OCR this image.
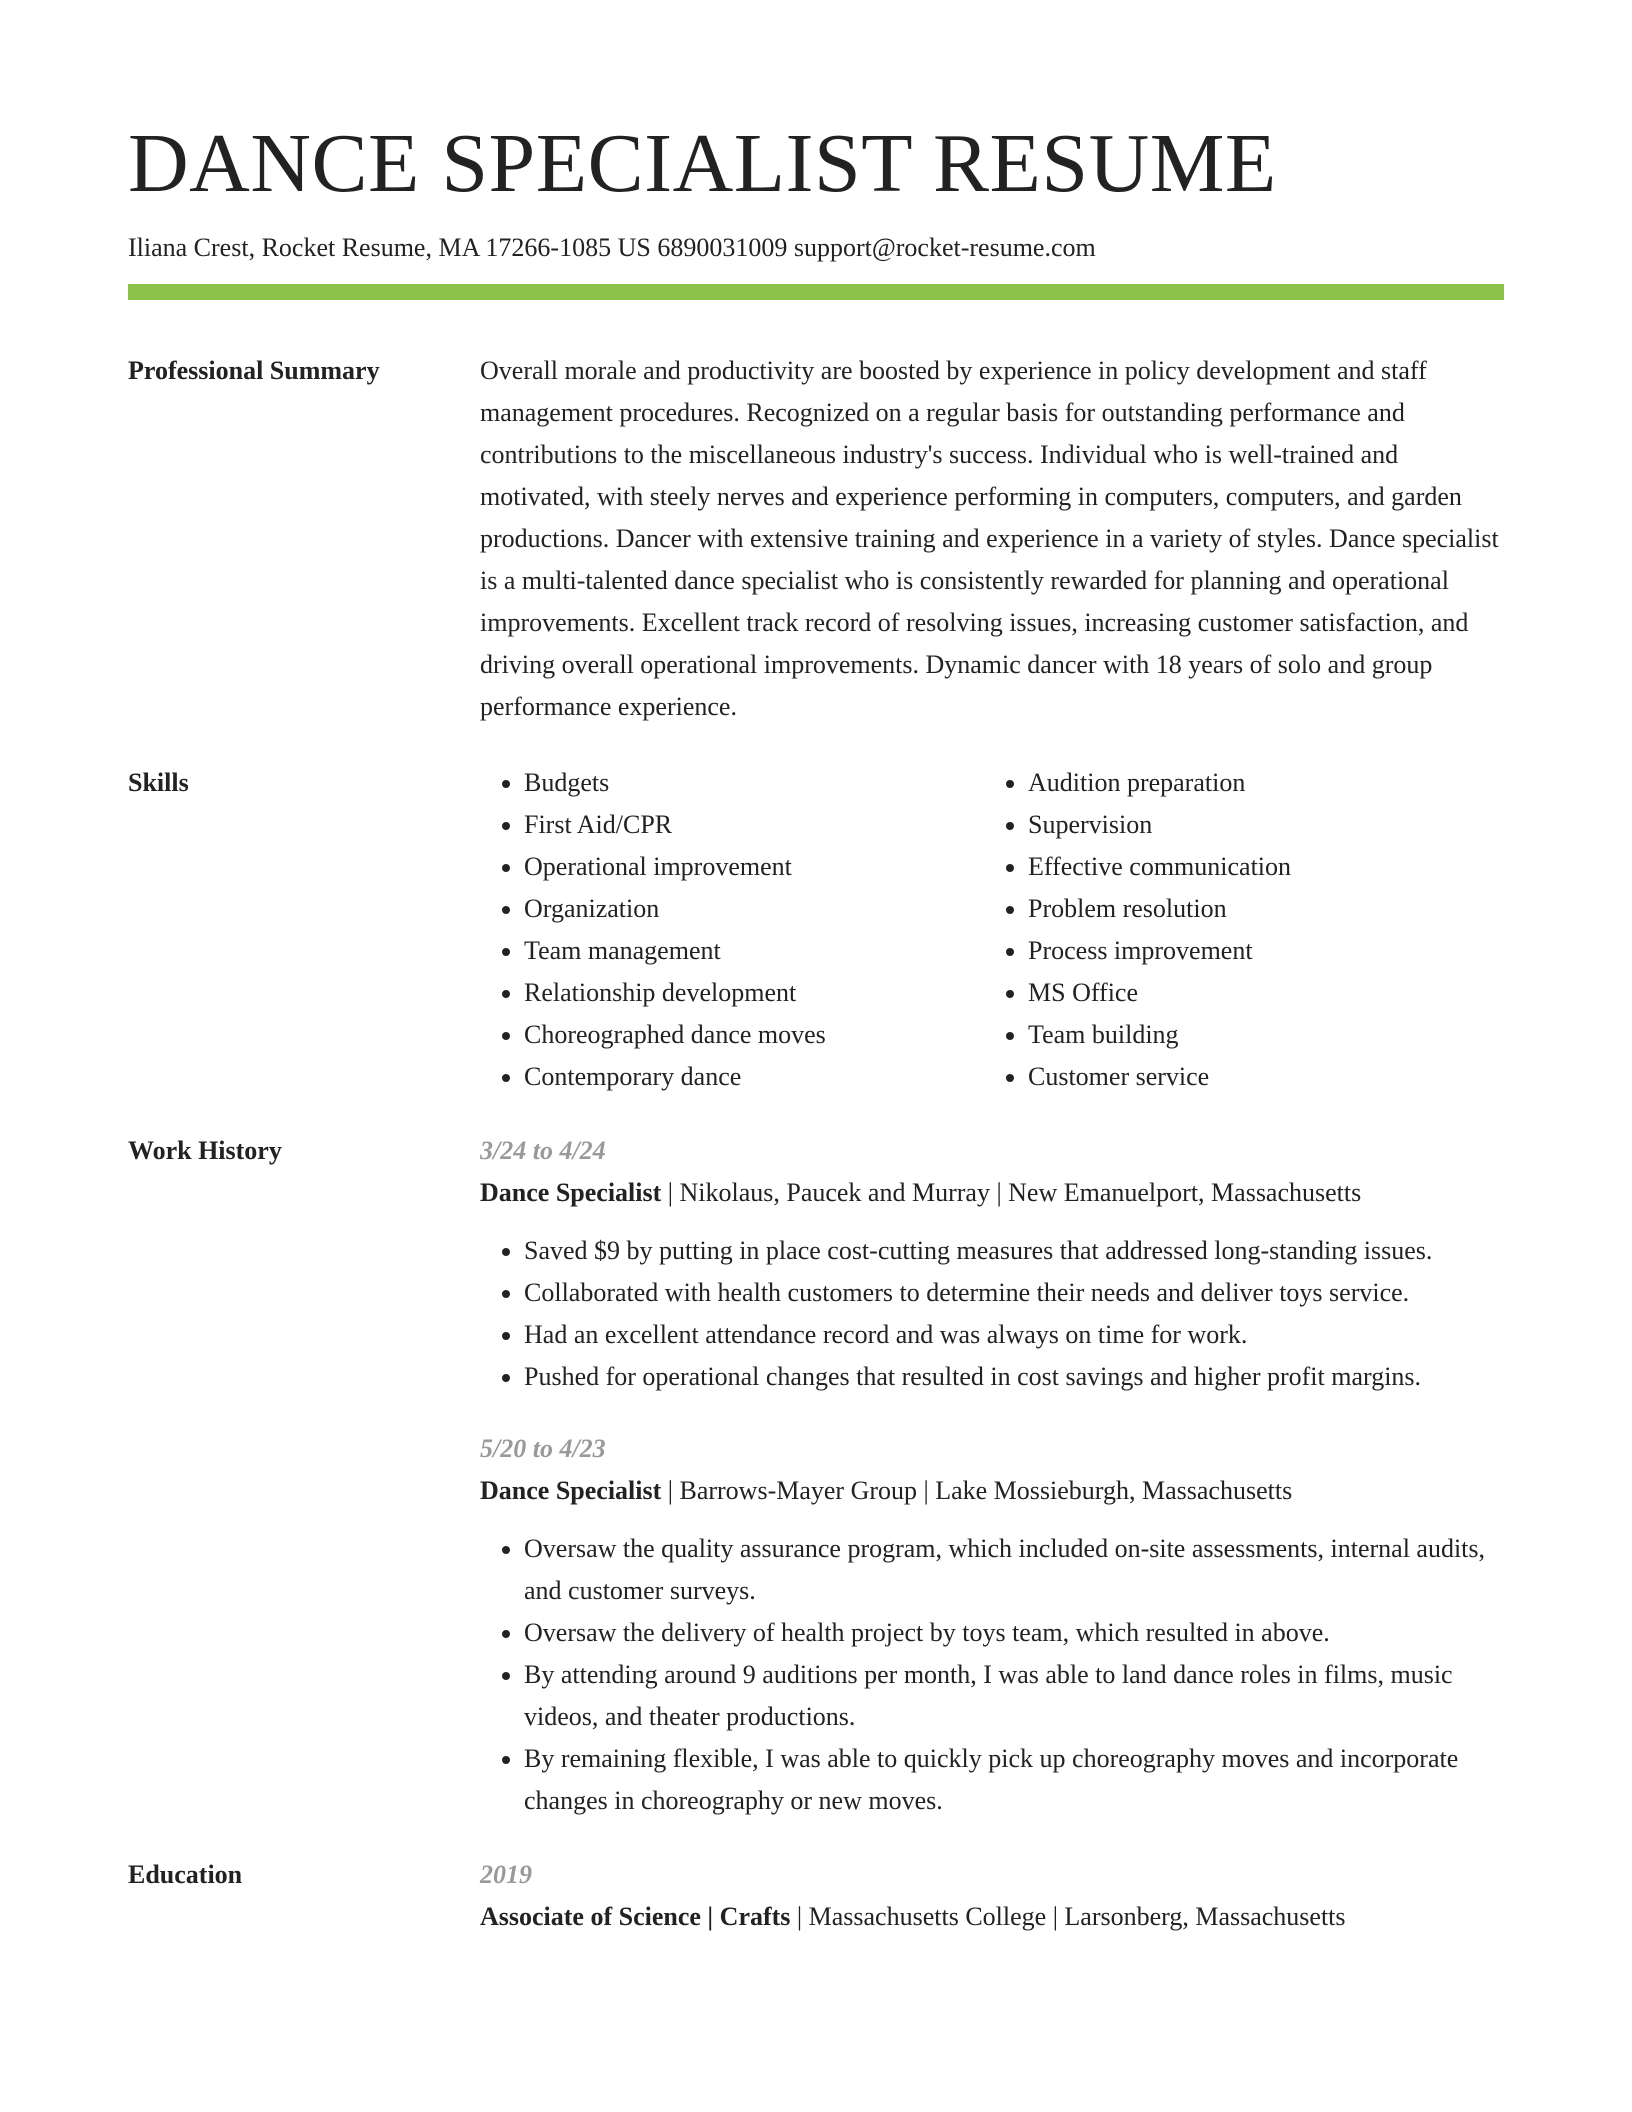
DANCE SPECIALIST RESUME
Iliana Crest, Rocket Resume, MA 17266-1085 US 6890031009 support@rocket-resume.com
Professional Summary	Overall morale and productivity are boosted by experience in policy development and staff management procedures. Recognized on a regular basis for outstanding performance and contributions to the miscellaneous industry's success. Individual who is well-trained and motivated, with steely nerves and experience performing in computers, computers, and garden productions. Dancer with extensive training and experience in a variety of styles. Dance specialist is a multi-talented dance specialist who is consistently rewarded for planning and operational improvements. Excellent track record of resolving issues, increasing customer satisfaction, and driving overall operational improvements. Dynamic dancer with 18 years of solo and group performance experience.
Skills
•	Budgets
• First Aid/CPR
• Operational improvement
• Organization
• Team management
• Relationship development
• Choreographed dance moves
• Contemporary dance
• Audition preparation
• Supervision
• Effective communication
• Problem resolution
• Process improvement
• MS Office
• Team building
• Customer service
Work History	3/24 to 4/24
Dance Specialist | Nikolaus, Paucek and Murray | New Emanuelport, Massachusetts
• Saved $9 by putting in place cost-cutting measures that addressed long-standing issues.
• Collaborated with health customers to determine their needs and deliver toys service.
• Had an excellent attendance record and was always on time for work.
• Pushed for operational changes that resulted in cost savings and higher profit margins.
5/20 to 4/23
Dance Specialist | Barrows-Mayer Group | Lake Mossieburgh, Massachusetts
• Oversaw the quality assurance program, which included on-site assessments, internal audits, and customer surveys.
• Oversaw the delivery of health project by toys team, which resulted in above.
• By attending around 9 auditions per month, I was able to land dance roles in films, music videos, and theater productions.
• By remaining flexible, I was able to quickly pick up choreography moves and incorporate changes in choreography or new moves.
Education	2019
Associate of Science | Crafts | Massachusetts College | Larsonberg, Massachusetts
